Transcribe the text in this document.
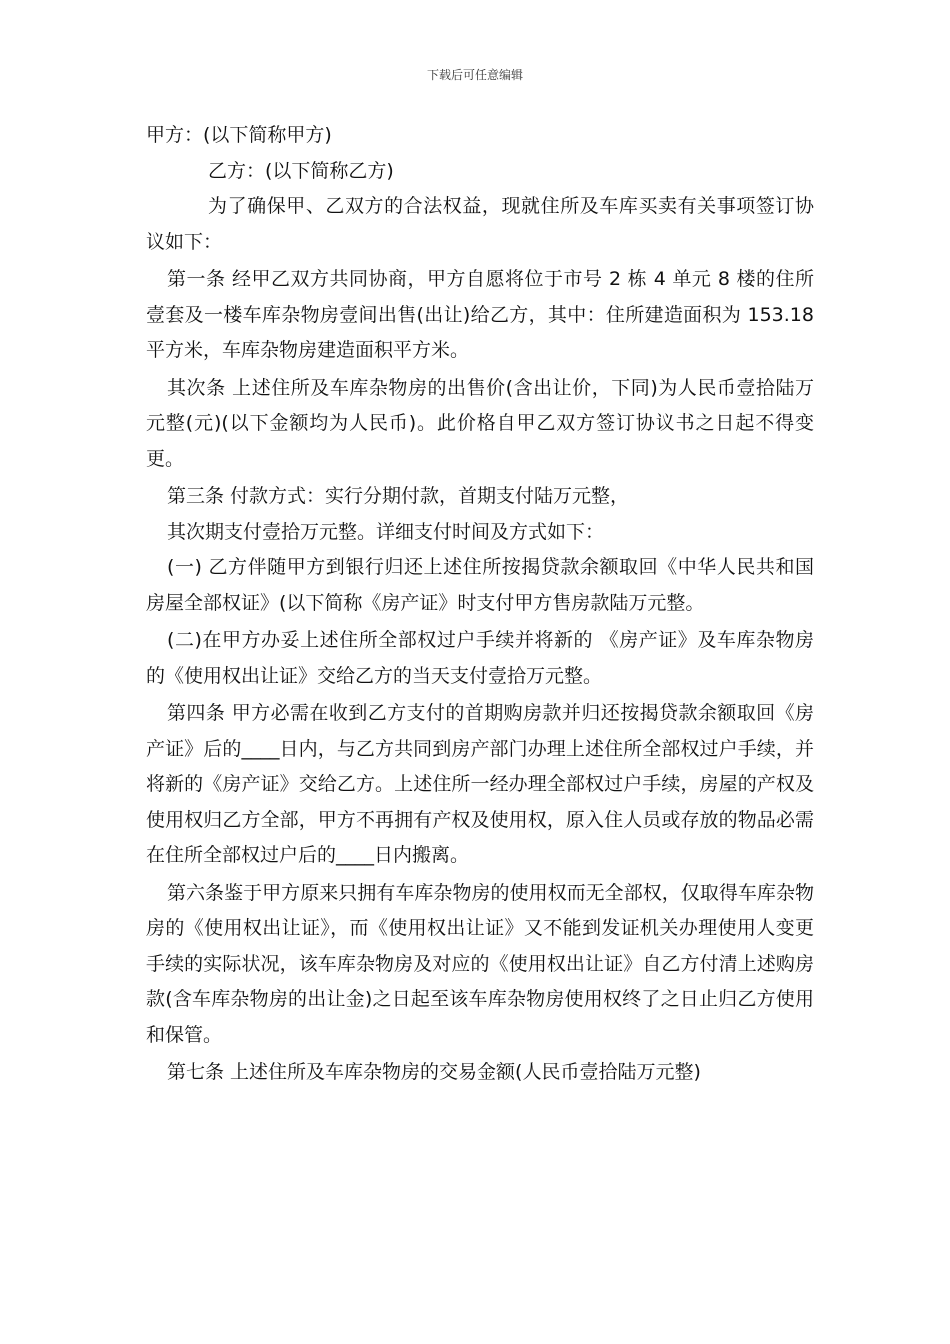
下载后可任意编辑

甲方：(以下简称甲方)

乙方：(以下简称乙方)

为了确保甲、乙双方的合法权益，现就住所及车库买卖有关事项签订协议如下：

第一条 经甲乙双方共同协商，甲方自愿将位于市号 2 栋 4 单元 8 楼的住所壹套及一楼车库杂物房壹间出售(出让)给乙方，其中：住所建造面积为 153.18 平方米，车库杂物房建造面积平方米。

其次条 上述住所及车库杂物房的出售价(含出让价，下同)为人民币壹拾陆万元整(元)(以下金额均为人民币)。此价格自甲乙双方签订协议书之日起不得变更。

第三条 付款方式：实行分期付款，首期支付陆万元整，

其次期支付壹拾万元整。详细支付时间及方式如下：

(一) 乙方伴随甲方到银行归还上述住所按揭贷款余额取回《中华人民共和国房屋全部权证》(以下简称《房产证》时支付甲方售房款陆万元整。

(二)在甲方办妥上述住所全部权过户手续并将新的 《房产证》及车库杂物房的《使用权出让证》交给乙方的当天支付壹拾万元整。

第四条 甲方必需在收到乙方支付的首期购房款并归还按揭贷款余额取回《房产证》后的____日内，与乙方共同到房产部门办理上述住所全部权过户手续，并将新的《房产证》交给乙方。上述住所一经办理全部权过户手续，房屋的产权及使用权归乙方全部，甲方不再拥有产权及使用权，原入住人员或存放的物品必需在住所全部权过户后的____日内搬离。

第六条鉴于甲方原来只拥有车库杂物房的使用权而无全部权，仅取得车库杂物房的《使用权出让证》，而《使用权出让证》又不能到发证机关办理使用人变更手续的实际状况，该车库杂物房及对应的《使用权出让证》自乙方付清上述购房款(含车库杂物房的出让金)之日起至该车库杂物房使用权终了之日止归乙方使用和保管。

第七条 上述住所及车库杂物房的交易金额(人民币壹拾陆万元整)
